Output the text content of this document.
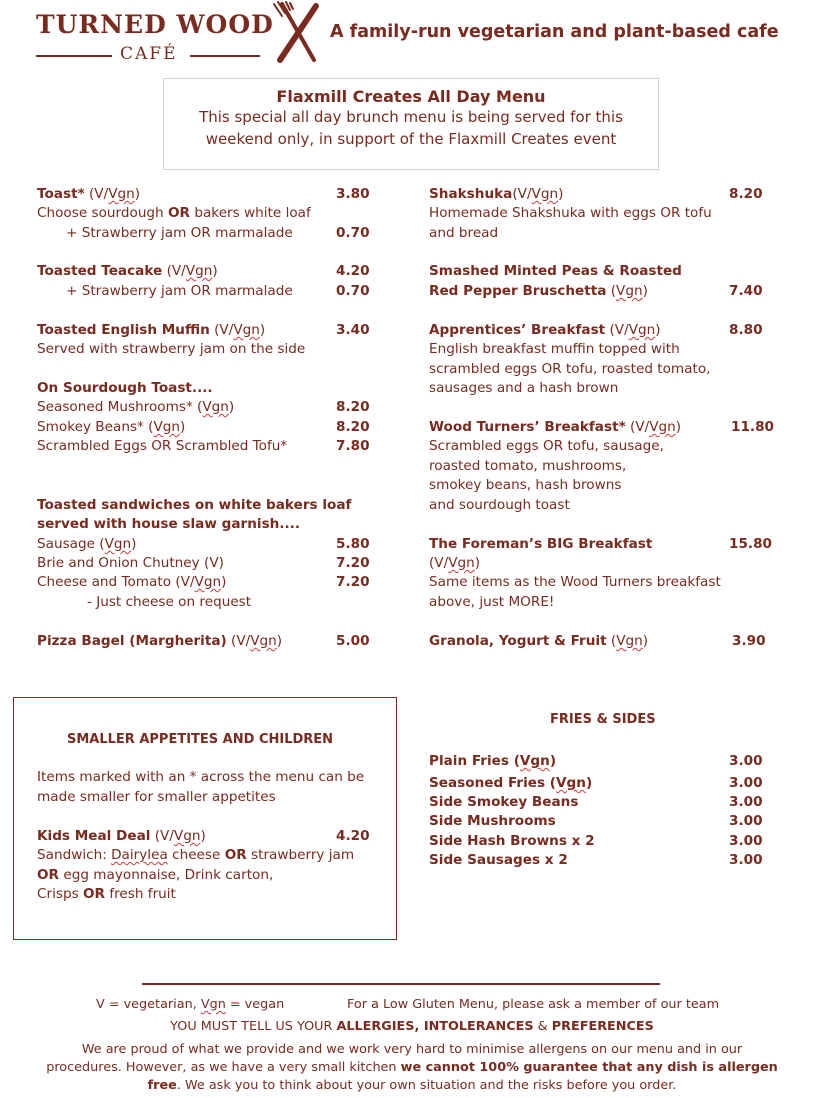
TURNED WOOD
CAFÉ
A family-run vegetarian and plant-based cafe
Flaxmill Creates All Day Menu
This special all day brunch menu is being served for this
weekend only, in support of the Flaxmill Creates event
Toast* (V/Vgn)	3.80
Choose sourdough OR bakers white loaf
+ Strawberry jam OR marmalade	0.70
Toasted Teacake (V/Vgn)	4.20
+ Strawberry jam OR marmalade	0.70
Toasted English Muffin (V/Vgn)	3.40
Served with strawberry jam on the side
On Sourdough Toast....
Seasoned Mushrooms* (Vgn)	8.20
Smokey Beans* (Vgn)	8.20
Scrambled Eggs OR Scrambled Tofu*	7.80
Toasted sandwiches on white bakers loaf
served with house slaw garnish....
Sausage (Vgn)	5.80
Brie and Onion Chutney (V)	7.20
Cheese and Tomato (V/Vgn)	7.20
- Just cheese on request
Pizza Bagel (Margherita) (V/Vgn)	5.00
Shakshuka(V/Vgn)	8.20
Homemade Shakshuka with eggs OR tofu
and bread
Smashed Minted Peas & Roasted
Red Pepper Bruschetta (Vgn)	7.40
Apprentices’ Breakfast (V/Vgn)	8.80
English breakfast muffin topped with
scrambled eggs OR tofu, roasted tomato,
sausages and a hash brown
Wood Turners’ Breakfast* (V/Vgn)	11.80
Scrambled eggs OR tofu, sausage,
roasted tomato, mushrooms,
smokey beans, hash browns
and sourdough toast
The Foreman’s BIG Breakfast	15.80
(V/Vgn)
Same items as the Wood Turners breakfast
above, just MORE!
Granola, Yogurt & Fruit (Vgn)	3.90
SMALLER APPETITES AND CHILDREN
Items marked with an * across the menu can be
made smaller for smaller appetites
Kids Meal Deal (V/Vgn)	4.20
Sandwich: Dairylea cheese OR strawberry jam
OR egg mayonnaise, Drink carton,
Crisps OR fresh fruit
FRIES & SIDES
Plain Fries (Vgn)	3.00
Seasoned Fries (Vgn)	3.00
Side Smokey Beans	3.00
Side Mushrooms	3.00
Side Hash Browns x 2	3.00
Side Sausages x 2	3.00
V = vegetarian, Vgn = vegan	For a Low Gluten Menu, please ask a member of our team
YOU MUST TELL US YOUR ALLERGIES, INTOLERANCES & PREFERENCES
We are proud of what we provide and we work very hard to minimise allergens on our menu and in our
procedures. However, as we have a very small kitchen we cannot 100% guarantee that any dish is allergen
free. We ask you to think about your own situation and the risks before you order.
